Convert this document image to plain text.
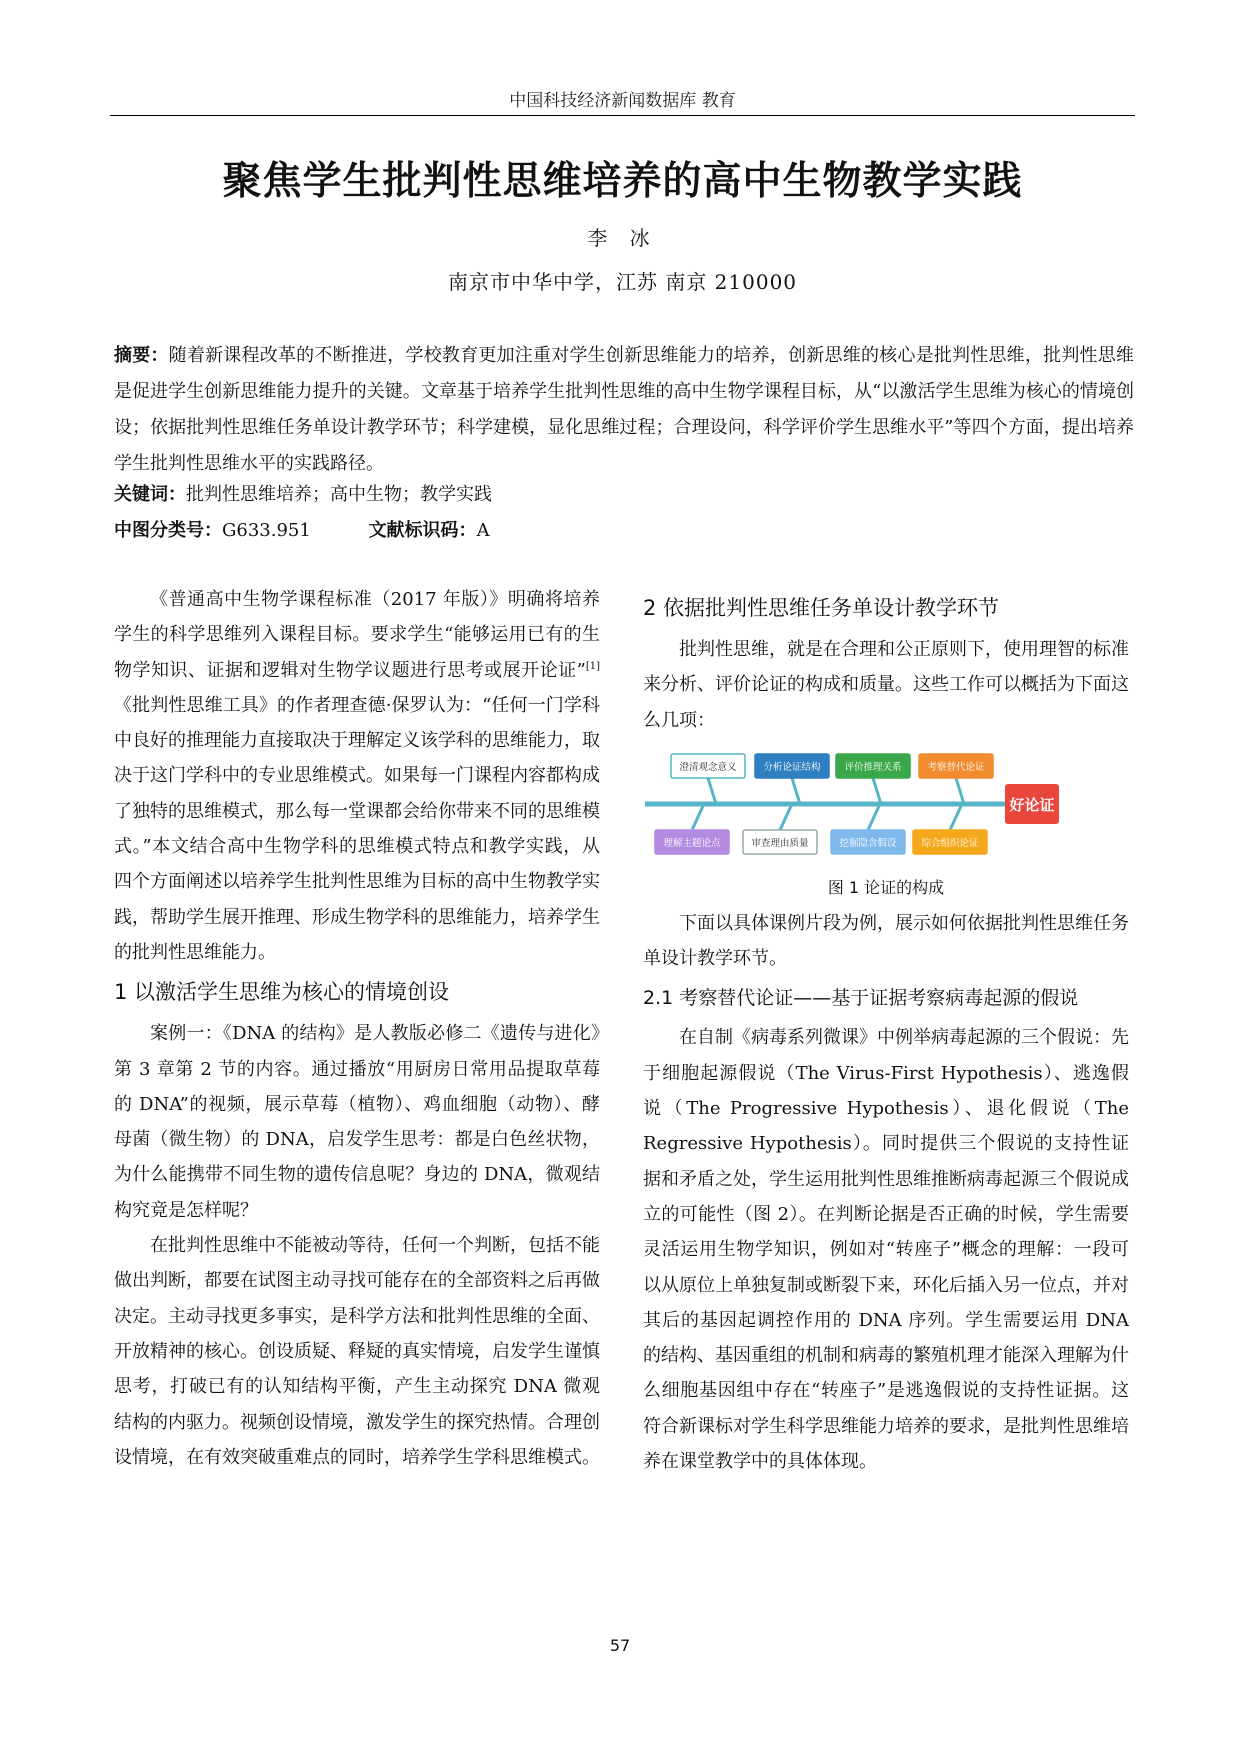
中国科技经济新闻数据库 教育
聚焦学生批判性思维培养的高中生物教学实践
李 冰
南京市中华中学，江苏 南京 210000
摘要：随着新课程改革的不断推进，学校教育更加注重对学生创新思维能力的培养，创新思维的核心是批判性思维，批判性思维是促进学生创新思维能力提升的关键。文章基于培养学生批判性思维的高中生物学课程目标，从“以激活学生思维为核心的情境创设；依据批判性思维任务单设计教学环节；科学建模，显化思维过程；合理设问，科学评价学生思维水平”等四个方面，提出培养学生批判性思维水平的实践路径。
关键词：批判性思维培养；高中生物；教学实践
中图分类号：G633.951	文献标识码：A

《普通高中生物学课程标准（2017 年版）》明确将培养学生的科学思维列入课程目标。要求学生“能够运用已有的生物学知识、证据和逻辑对生物学议题进行思考或展开论证”[1]《批判性思维工具》的作者理查德·保罗认为：“任何一门学科中良好的推理能力直接取决于理解定义该学科的思维能力，取决于这门学科中的专业思维模式。如果每一门课程内容都构成了独特的思维模式，那么每一堂课都会给你带来不同的思维模式。”本文结合高中生物学科的思维模式特点和教学实践，从四个方面阐述以培养学生批判性思维为目标的高中生物教学实践，帮助学生展开推理、形成生物学科的思维能力，培养学生的批判性思维能力。

1 以激活学生思维为核心的情境创设

案例一：《DNA 的结构》是人教版必修二《遗传与进化》第 3 章第 2 节的内容。通过播放“用厨房日常用品提取草莓的 DNA”的视频，展示草莓（植物）、鸡血细胞（动物）、酵母菌（微生物）的 DNA，启发学生思考：都是白色丝状物，为什么能携带不同生物的遗传信息呢？身边的 DNA，微观结构究竟是怎样呢？

在批判性思维中不能被动等待，任何一个判断，包括不能做出判断，都要在试图主动寻找可能存在的全部资料之后再做决定。主动寻找更多事实，是科学方法和批判性思维的全面、开放精神的核心。创设质疑、释疑的真实情境，启发学生谨慎思考，打破已有的认知结构平衡，产生主动探究 DNA 微观结构的内驱力。视频创设情境，激发学生的探究热情。合理创设情境，在有效突破重难点的同时，培养学生学科思维模式。

2 依据批判性思维任务单设计教学环节

批判性思维，就是在合理和公正原则下，使用理智的标准来分析、评价论证的构成和质量。这些工作可以概括为下面这么几项：

澄清观念意义	分析论证结构	评价推理关系	考察替代论证
理解主题论点	审查理由质量	挖掘隐含假设	综合组织论证
好论证
图 1 论证的构成

下面以具体课例片段为例，展示如何依据批判性思维任务单设计教学环节。

2.1 考察替代论证——基于证据考察病毒起源的假说

在自制《病毒系列微课》中例举病毒起源的三个假说：先于细胞起源假说（The Virus-First Hypothesis）、逃逸假说（The Progressive Hypothesis）、退化假说（The Regressive Hypothesis）。同时提供三个假说的支持性证据和矛盾之处，学生运用批判性思维推断病毒起源三个假说成立的可能性（图 2）。在判断论据是否正确的时候，学生需要灵活运用生物学知识，例如对“转座子”概念的理解：一段可以从原位上单独复制或断裂下来，环化后插入另一位点，并对其后的基因起调控作用的 DNA 序列。学生需要运用 DNA 的结构、基因重组的机制和病毒的繁殖机理才能深入理解为什么细胞基因组中存在“转座子”是逃逸假说的支持性证据。这符合新课标对学生科学思维能力培养的要求，是批判性思维培养在课堂教学中的具体体现。

57
